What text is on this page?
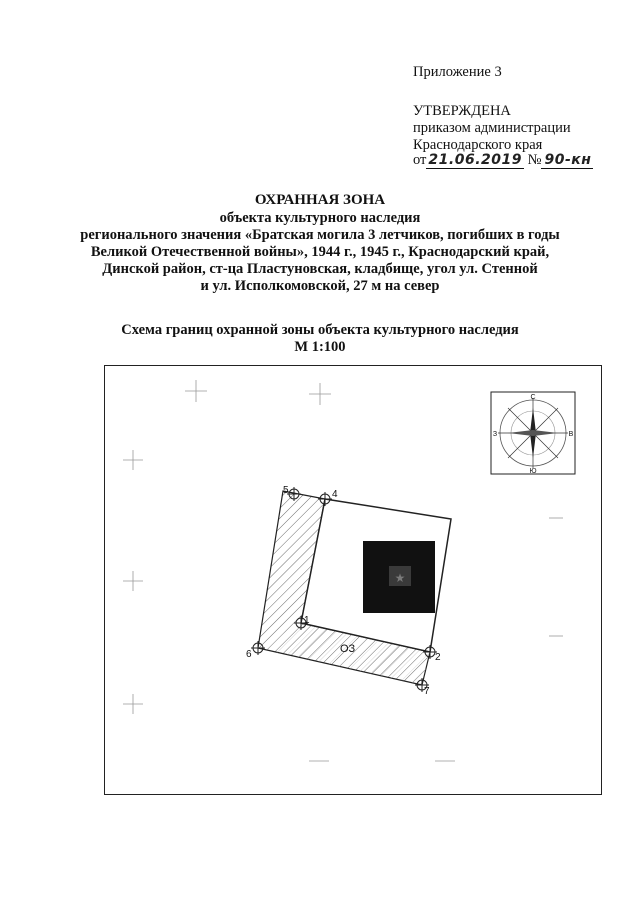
Приложение 3
УТВЕРЖДЕНА
приказом администрации
Краснодарского края
от 21.06.2019 № 90-кн
ОХРАННАЯ ЗОНА
объекта культурного наследия
регионального значения «Братская могила 3 летчиков, погибших в годы
Великой Отечественной войны», 1944 г., 1945 г., Краснодарский край,
Динской район, ст-ца Пластуновская, кладбище, угол ул. Стенной
и ул. Исполкомовской, 27 м на север
Схема границ охранной зоны объекта культурного наследия
М 1:100
★
5	4
1
6	2
7
ОЗ
С
Ю
В
З
